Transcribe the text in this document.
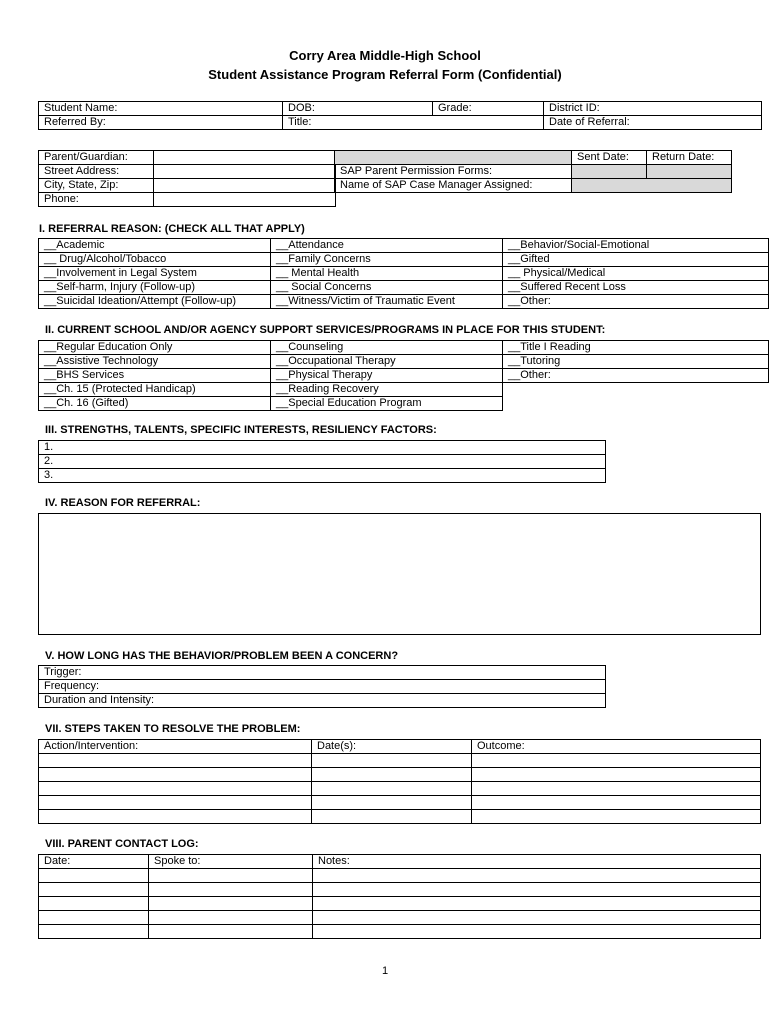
Corry Area Middle-High School
Student Assistance Program Referral Form (Confidential)
Student Name:	DOB:	Grade:	District ID:
Referred By:	Title:		Date of Referral:
Parent/Guardian:	
Street Address:	
City, State, Zip:	
Phone:	
	Sent Date:	Return Date:
SAP Parent Permission Forms:		
Name of SAP Case Manager Assigned:		
I. REFERRAL REASON: (CHECK ALL THAT APPLY)
__Academic	__Attendance	__Behavior/Social-Emotional
__ Drug/Alcohol/Tobacco	__Family Concerns	__Gifted
__Involvement in Legal System	__ Mental Health	__ Physical/Medical
__Self-harm, Injury (Follow-up)	__ Social Concerns	__Suffered Recent Loss
__Suicidal Ideation/Attempt (Follow-up)	__Witness/Victim of Traumatic Event	__Other:
II. CURRENT SCHOOL AND/OR AGENCY SUPPORT SERVICES/PROGRAMS IN PLACE FOR THIS STUDENT:
__Regular Education Only	__Counseling	__Title I Reading
__Assistive Technology	__Occupational Therapy	__Tutoring
__BHS Services	__Physical Therapy	__Other:
__Ch. 15 (Protected Handicap)	__Reading Recovery	
__Ch. 16 (Gifted)	__Special Education Program	
III. STRENGTHS, TALENTS, SPECIFIC INTERESTS, RESILIENCY FACTORS:
1.
2.
3.
IV. REASON FOR REFERRAL:
V. HOW LONG HAS THE BEHAVIOR/PROBLEM BEEN A CONCERN?
Trigger:
Frequency:
Duration and Intensity:
VII. STEPS TAKEN TO RESOLVE THE PROBLEM:
Action/Intervention:	Date(s):	Outcome:

VIII. PARENT CONTACT LOG:
Date:	Spoke to:	Notes:

1
